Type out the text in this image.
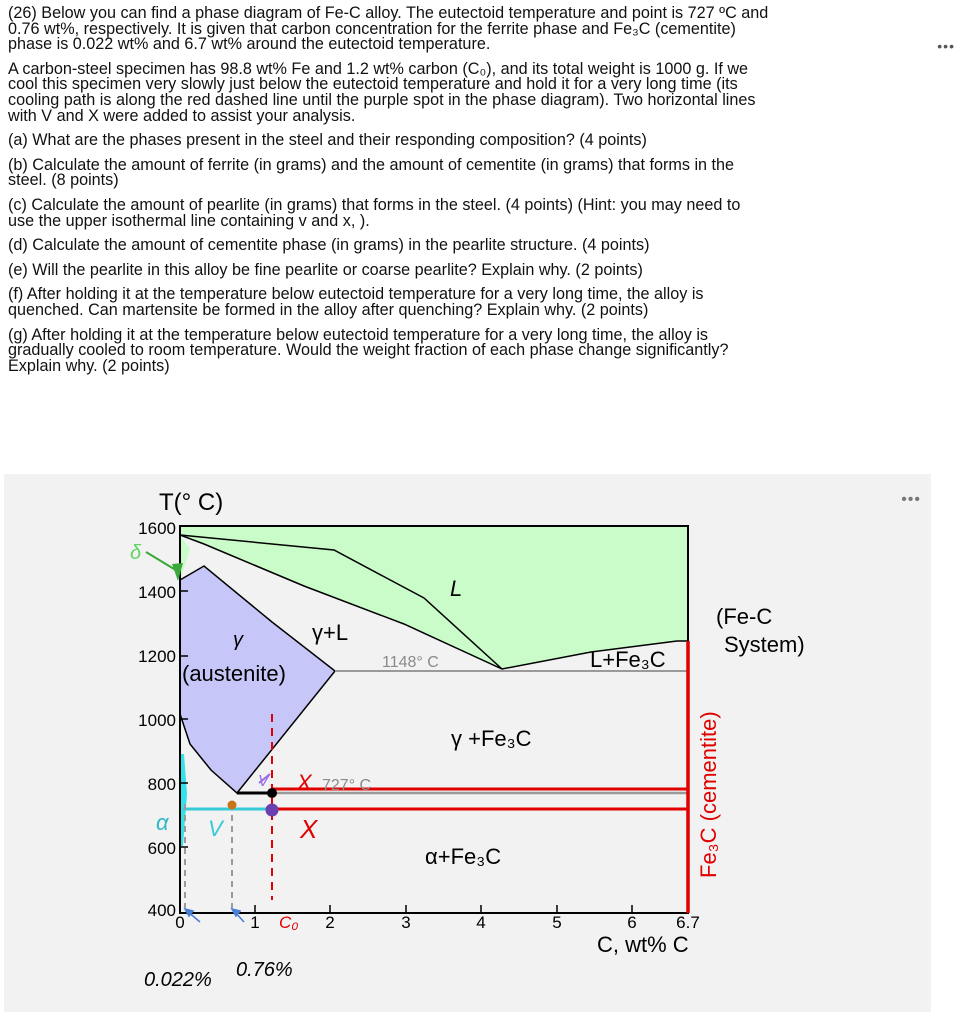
(26) Below you can find a phase diagram of Fe-C alloy. The eutectoid temperature and point is 727 ºC and
0.76 wt%, respectively. It is given that carbon concentration for the ferrite phase and Fe₃C (cementite)
phase is 0.022 wt% and 6.7 wt% around the eutectoid temperature.
A carbon-steel specimen has 98.8 wt% Fe and 1.2 wt% carbon (C₀), and its total weight is 1000 g. If we
cool this specimen very slowly just below the eutectoid temperature and hold it for a very long time (its
cooling path is along the red dashed line until the purple spot in the phase diagram). Two horizontal lines
with V and X were added to assist your analysis.
(a) What are the phases present in the steel and their responding composition? (4 points)
(b) Calculate the amount of ferrite (in grams) and the amount of cementite (in grams) that forms in the
steel. (8 points)
(c) Calculate the amount of pearlite (in grams) that forms in the steel. (4 points) (Hint: you may need to
use the upper isothermal line containing v and x, ).
(d) Calculate the amount of cementite phase (in grams) in the pearlite structure. (4 points)
(e) Will the pearlite in this alloy be fine pearlite or coarse pearlite? Explain why. (2 points)
(f) After holding it at the temperature below eutectoid temperature for a very long time, the alloy is
quenched. Can martensite be formed in the alloy after quenching? Explain why. (2 points)
(g) After holding it at the temperature below eutectoid temperature for a very long time, the alloy is
gradually cooled to room temperature. Would the weight fraction of each phase change significantly?
Explain why. (2 points)
•••
•••
1600
1400
1200
1000
800
600
400
T(° C)
0	1	2	3	4	5	6 6.7
C₀
C, wt% C
0.022% 0.76%
δ
L
γ
(austenite)
γ+L
1148° C	L+Fe₃C
γ +Fe₃C
727° C
α
α+Fe₃C
V X
V	X	Fe₃C (cementite)
(Fe-C
System)
